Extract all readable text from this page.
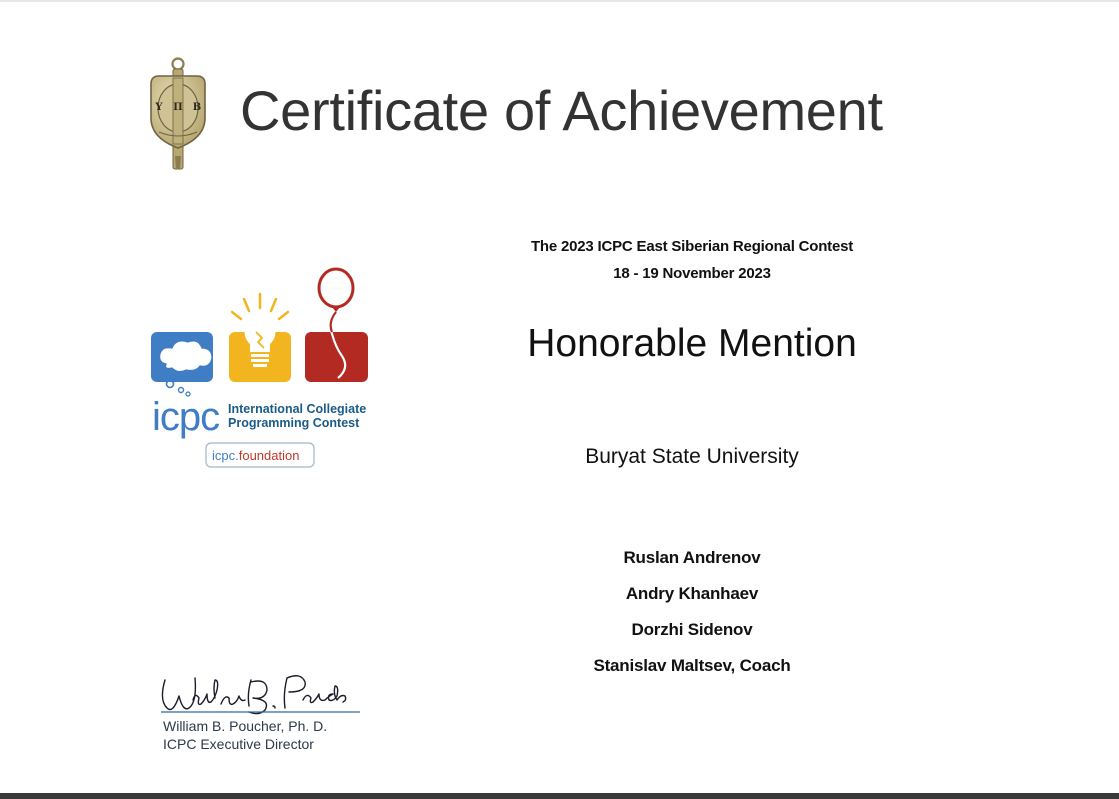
Υ Π Β Certificate of Achievement
icpc International Collegiate
Programming Contest
icpc.foundation

The 2023 ICPC East Siberian Regional Contest

18 - 19 November 2023

Honorable Mention

Buryat State University

Ruslan Andrenov
Andry Khanhaev
Dorzhi Sidenov
Stanislav Maltsev, Coach
William B. Poucher, Ph. D.
ICPC Executive Director
